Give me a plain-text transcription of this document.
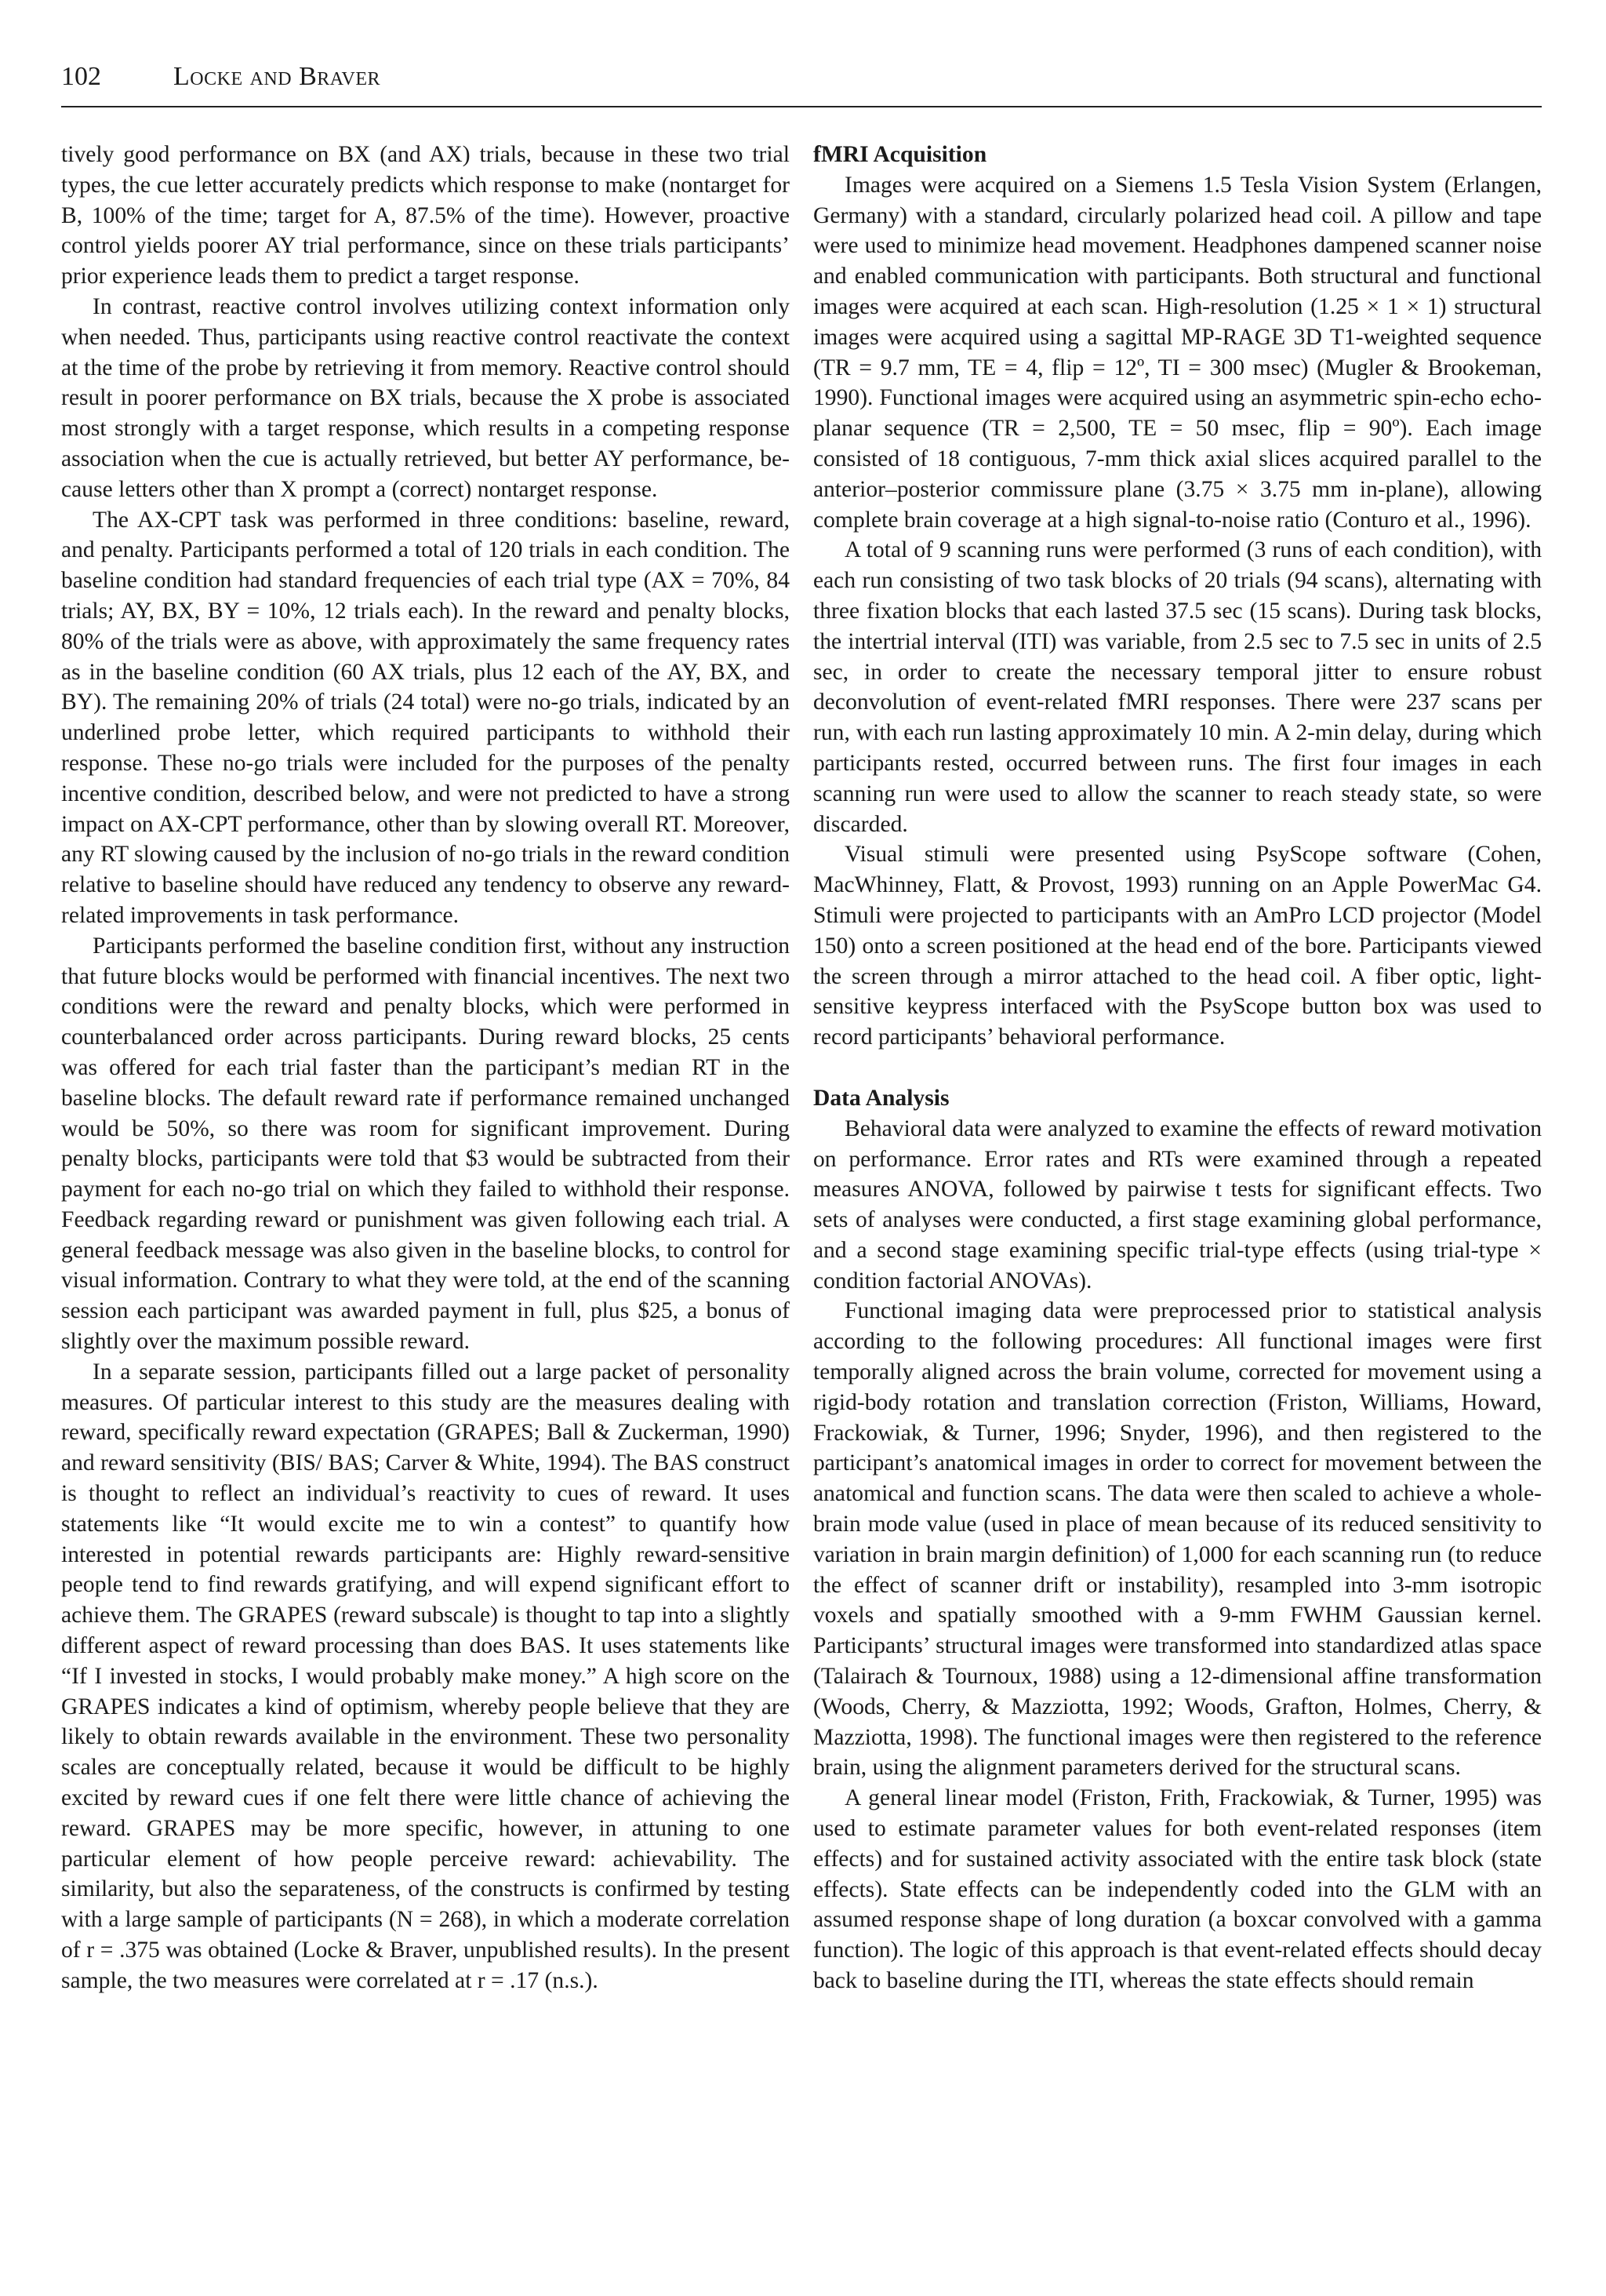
102	Locke and Braver

tively good performance on BX (and AX) trials, because in these two trial types, the cue letter accurately predicts which response to make (nontarget for B, 100% of the time; target for A, 87.5% of the time). However, proactive control yields poorer AY trial performance, since on these trials participants’ prior experience leads them to predict a target response.

In contrast, reactive control involves utilizing context information only when needed. Thus, participants using reactive control reactivate the context at the time of the probe by retrieving it from memory. Reactive control should result in poorer performance on BX trials, because the X probe is associated most strongly with a target response, which results in a competing response association when the cue is actually retrieved, but better AY performance, because letters other than X prompt a (correct) nontarget response.

The AX-CPT task was performed in three conditions: baseline, reward, and penalty. Participants performed a total of 120 trials in each condition. The baseline condition had standard frequencies of each trial type (AX = 70%, 84 trials; AY, BX, BY = 10%, 12 trials each). In the reward and penalty blocks, 80% of the trials were as above, with approximately the same frequency rates as in the baseline condition (60 AX trials, plus 12 each of the AY, BX, and BY). The remaining 20% of trials (24 total) were no-go trials, indicated by an underlined probe letter, which required participants to withhold their response. These no-go trials were included for the purposes of the penalty incentive condition, described below, and were not predicted to have a strong impact on AX-CPT performance, other than by slowing overall RT. Moreover, any RT slowing caused by the inclusion of no-go trials in the reward condition relative to baseline should have reduced any tendency to observe any reward-related improvements in task performance.

Participants performed the baseline condition first, without any instruction that future blocks would be performed with financial incentives. The next two conditions were the reward and penalty blocks, which were performed in counterbalanced order across participants. During reward blocks, 25 cents was offered for each trial faster than the participant’s median RT in the baseline blocks. The default reward rate if performance remained unchanged would be 50%, so there was room for significant improvement. During penalty blocks, participants were told that $3 would be subtracted from their payment for each no-go trial on which they failed to withhold their response. Feedback regarding reward or punishment was given following each trial. A general feedback message was also given in the baseline blocks, to control for visual information. Contrary to what they were told, at the end of the scanning session each participant was awarded payment in full, plus $25, a bonus of slightly over the maximum possible reward.

In a separate session, participants filled out a large packet of personality measures. Of particular interest to this study are the measures dealing with reward, specifically reward expectation (GRAPES; Ball & Zuckerman, 1990) and reward sensitivity (BIS/ BAS; Carver & White, 1994). The BAS construct is thought to reflect an individual’s reactivity to cues of reward. It uses statements like “It would excite me to win a contest” to quantify how interested in potential rewards participants are: Highly reward-sensitive people tend to find rewards gratifying, and will expend significant effort to achieve them. The GRAPES (reward subscale) is thought to tap into a slightly different aspect of reward processing than does BAS. It uses statements like “If I invested in stocks, I would probably make money.” A high score on the GRAPES indicates a kind of optimism, whereby people believe that they are likely to obtain rewards available in the environment. These two personality scales are conceptually related, because it would be difficult to be highly excited by reward cues if one felt there were little chance of achieving the reward. GRAPES may be more specific, however, in attuning to one particular element of how people perceive reward: achievability. The similarity, but also the separateness, of the constructs is confirmed by testing with a large sample of participants (N = 268), in which a moderate correlation of r = .375 was obtained (Locke & Braver, unpublished results). In the present sample, the two measures were correlated at r = .17 (n.s.).

fMRI Acquisition

Images were acquired on a Siemens 1.5 Tesla Vision System (Erlangen, Germany) with a standard, circularly polarized head coil. A pillow and tape were used to minimize head movement. Headphones dampened scanner noise and enabled communication with participants. Both structural and functional images were acquired at each scan. High-resolution (1.25 × 1 × 1) structural images were acquired using a sagittal MP-RAGE 3D T1-weighted sequence (TR = 9.7 mm, TE = 4, flip = 12º, TI = 300 msec) (Mugler & Brookeman, 1990). Functional images were acquired using an asymmetric spin-echo echo-planar sequence (TR = 2,500, TE = 50 msec, flip = 90º). Each image consisted of 18 contiguous, 7-mm thick axial slices acquired parallel to the anterior–posterior commissure plane (3.75 × 3.75 mm in-plane), allowing complete brain coverage at a high signal-to-noise ratio (Conturo et al., 1996).

A total of 9 scanning runs were performed (3 runs of each condition), with each run consisting of two task blocks of 20 trials (94 scans), alternating with three fixation blocks that each lasted 37.5 sec (15 scans). During task blocks, the intertrial interval (ITI) was variable, from 2.5 sec to 7.5 sec in units of 2.5 sec, in order to create the necessary temporal jitter to ensure robust deconvolution of event-related fMRI responses. There were 237 scans per run, with each run lasting approximately 10 min. A 2-min delay, during which participants rested, occurred between runs. The first four images in each scanning run were used to allow the scanner to reach steady state, so were discarded.

Visual stimuli were presented using PsyScope software (Cohen, MacWhinney, Flatt, & Provost, 1993) running on an Apple PowerMac G4. Stimuli were projected to participants with an AmPro LCD projector (Model 150) onto a screen positioned at the head end of the bore. Participants viewed the screen through a mirror attached to the head coil. A fiber optic, light-sensitive keypress interfaced with the PsyScope button box was used to record participants’ behavioral performance.

Data Analysis

Behavioral data were analyzed to examine the effects of reward motivation on performance. Error rates and RTs were examined through a repeated measures ANOVA, followed by pairwise t tests for significant effects. Two sets of analyses were conducted, a first stage examining global performance, and a second stage examining specific trial-type effects (using trial-type × condition factorial ANOVAs).

Functional imaging data were preprocessed prior to statistical analysis according to the following procedures: All functional images were first temporally aligned across the brain volume, corrected for movement using a rigid-body rotation and translation correction (Friston, Williams, Howard, Frackowiak, & Turner, 1996; Snyder, 1996), and then registered to the participant’s anatomical images in order to correct for movement between the anatomical and function scans. The data were then scaled to achieve a whole-brain mode value (used in place of mean because of its reduced sensitivity to variation in brain margin definition) of 1,000 for each scanning run (to reduce the effect of scanner drift or instability), resampled into 3-mm isotropic voxels and spatially smoothed with a 9-mm FWHM Gaussian kernel. Participants’ structural images were transformed into standardized atlas space (Talairach & Tournoux, 1988) using a 12-dimensional affine transformation (Woods, Cherry, & Mazziotta, 1992; Woods, Grafton, Holmes, Cherry, & Mazziotta, 1998). The functional images were then registered to the reference brain, using the alignment parameters derived for the structural scans.

A general linear model (Friston, Frith, Frackowiak, & Turner, 1995) was used to estimate parameter values for both event-related responses (item effects) and for sustained activity associated with the entire task block (state effects). State effects can be independently coded into the GLM with an assumed response shape of long duration (a boxcar convolved with a gamma function). The logic of this approach is that event-related effects should decay back to baseline during the ITI, whereas the state effects should remain
